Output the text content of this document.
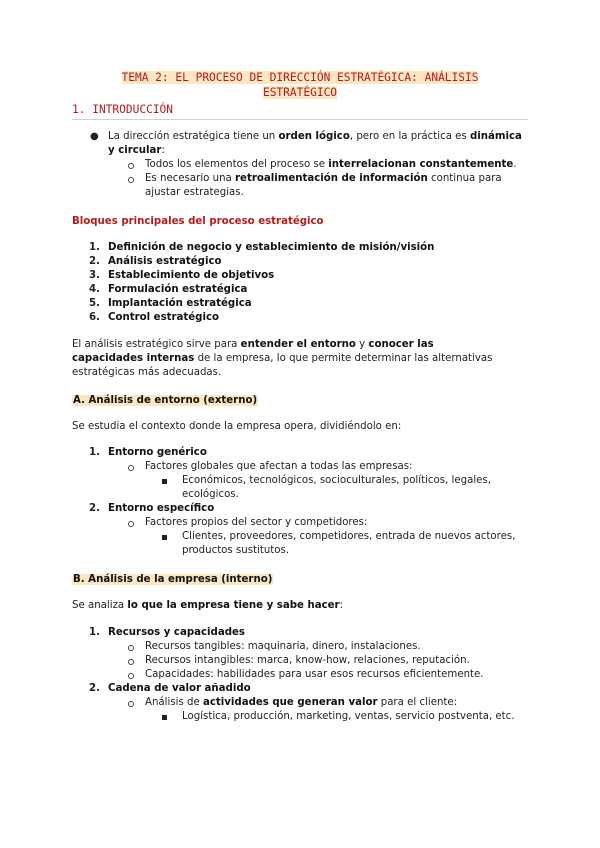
TEMA 2: EL PROCESO DE DIRECCIÓN ESTRATÉGICA: ANÁLISIS ESTRATÉGICO
1. INTRODUCCIÓN
● La dirección estratégica tiene un orden lógico, pero en la práctica es dinámica
y circular:
Todos los elementos del proceso se interrelacionan constantemente.
Es necesario una retroalimentación de información continua para
ajustar estrategias.
Bloques principales del proceso estratégico
1. Definición de negocio y establecimiento de misión/visión
2. Análisis estratégico
3. Establecimiento de objetivos
4. Formulación estratégica
5. Implantación estratégica
6. Control estratégico
El análisis estratégico sirve para entender el entorno y conocer las
capacidades internas de la empresa, lo que permite determinar las alternativas
estratégicas más adecuadas.
A. Análisis de entorno (externo)
Se estudia el contexto donde la empresa opera, dividiéndolo en:
1. Entorno genérico
Factores globales que afectan a todas las empresas:
Económicos, tecnológicos, socioculturales, políticos, legales,
ecológicos.
2. Entorno específico
Factores propios del sector y competidores:
Clientes, proveedores, competidores, entrada de nuevos actores,
productos sustitutos.
B. Análisis de la empresa (interno)
Se analiza lo que la empresa tiene y sabe hacer:
1. Recursos y capacidades
Recursos tangibles: maquinaria, dinero, instalaciones.
Recursos intangibles: marca, know-how, relaciones, reputación.
Capacidades: habilidades para usar esos recursos eficientemente.
2. Cadena de valor añadido
Análisis de actividades que generan valor para el cliente:
Logística, producción, marketing, ventas, servicio postventa, etc.
